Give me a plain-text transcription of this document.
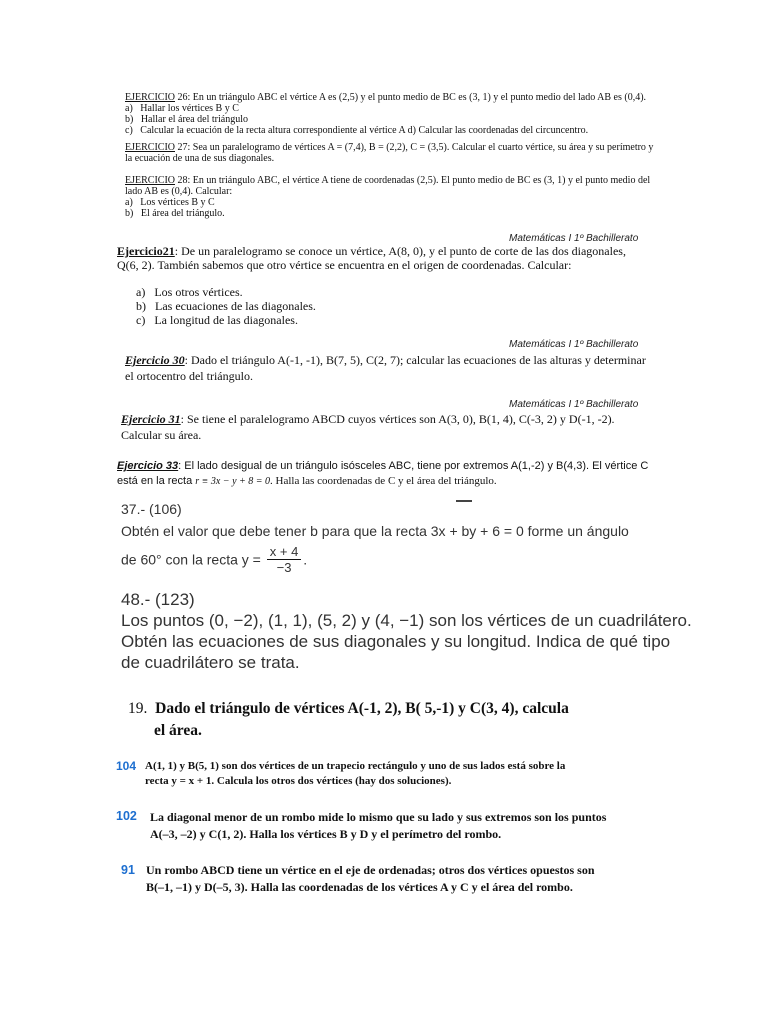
EJERCICIO 26: En un triángulo ABC el vértice A es (2,5) y el punto medio de BC es (3, 1) y el punto medio del lado AB es (0,4).
a)   Hallar los vértices B y C
b)   Hallar el área del triángulo
c)   Calcular la ecuación de la recta altura correspondiente al vértice A d) Calcular las coordenadas del circuncentro.
EJERCICIO 27: Sea un paralelogramo de vértices A = (7,4), B = (2,2), C = (3,5). Calcular el cuarto vértice, su área y su perímetro y
la ecuación de una de sus diagonales.
EJERCICIO 28: En un triángulo ABC, el vértice A tiene de coordenadas (2,5). El punto medio de BC es (3, 1) y el punto medio del
lado AB es (0,4). Calcular:
a)   Los vértices B y C
b)   El área del triángulo.
Matemáticas I 1º Bachillerato
Ejercicio21: De un paralelogramo se conoce un vértice, A(8, 0), y el punto de corte de las dos diagonales,
Q(6, 2). También sabemos que otro vértice se encuentra en el origen de coordenadas. Calcular:
a)   Los otros vértices.
b)   Las ecuaciones de las diagonales.
c)   La longitud de las diagonales.
Matemáticas I 1º Bachillerato
Ejercicio 30: Dado el triángulo A(-1, -1), B(7, 5), C(2, 7); calcular las ecuaciones de las alturas y determinar
el ortocentro del triángulo.
Matemáticas I 1º Bachillerato
Ejercicio 31: Se tiene el paralelogramo ABCD cuyos vértices son A(3, 0), B(1, 4), C(-3, 2) y D(-1, -2).
Calcular su área.
Ejercicio 33: El lado desigual de un triángulo isósceles ABC, tiene por extremos A(1,-2) y B(4,3). El vértice C
está en la recta r ≡ 3x − y + 8 = 0. Halla las coordenadas de C y el área del triángulo.
37.- (106)
Obtén el valor que debe tener b para que la recta 3x + by + 6 = 0 forme un ángulo
de 60° con la recta $y = \frac{x + 4}{-3}$ .
48.- (123)
Los puntos (0, −2), (1, 1), (5, 2) y (4, −1) son los vértices de un cuadrilátero.
Obtén las ecuaciones de sus diagonales y su longitud. Indica de qué tipo
de cuadrilátero se trata.
19. Dado el triángulo de vértices A(-1, 2), B( 5,-1) y C(3, 4), calcula
el área.
104 A(1, 1) y B(5, 1) son dos vértices de un trapecio rectángulo y uno de sus lados está sobre la
recta y = x + 1. Calcula los otros dos vértices (hay dos soluciones).
102 La diagonal menor de un rombo mide lo mismo que su lado y sus extremos son los puntos
A(–3, –2) y C(1, 2). Halla los vértices B y D y el perímetro del rombo.
91 Un rombo ABCD tiene un vértice en el eje de ordenadas; otros dos vértices opuestos son
B(–1, –1) y D(–5, 3). Halla las coordenadas de los vértices A y C y el área del rombo.
